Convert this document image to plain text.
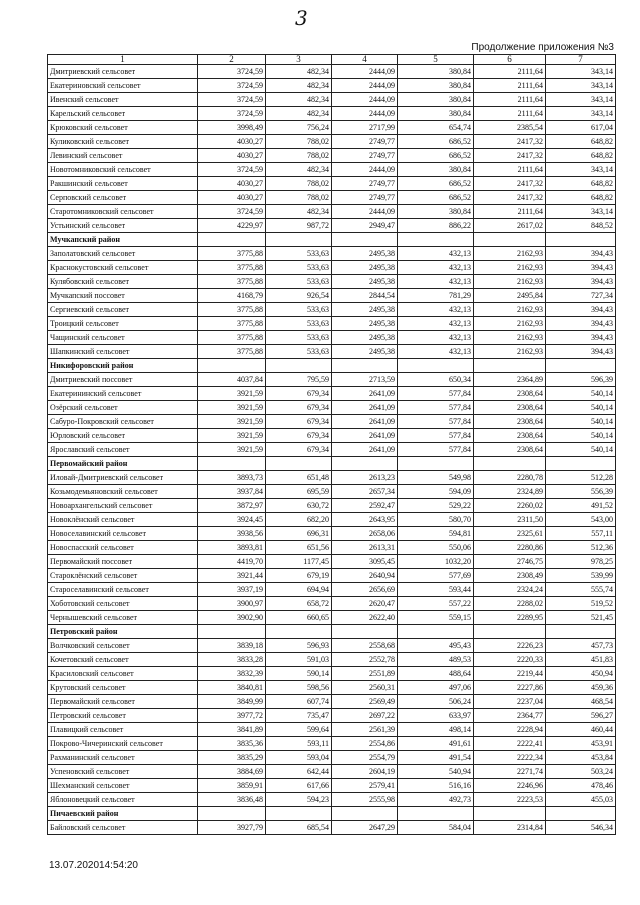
3
Продолжение приложения №3
1	2	3	4	5	6	7
Дмитриевский сельсовет	3724,59	482,34	2444,09	380,84	2111,64	343,14
Екатериновский сельсовет	3724,59	482,34	2444,09	380,84	2111,64	343,14
Ивенский сельсовет	3724,59	482,34	2444,09	380,84	2111,64	343,14
Карельский сельсовет	3724,59	482,34	2444,09	380,84	2111,64	343,14
Крюковский сельсовет	3998,49	756,24	2717,99	654,74	2385,54	617,04
Куликовский сельсовет	4030,27	788,02	2749,77	686,52	2417,32	648,82
Левинский сельсовет	4030,27	788,02	2749,77	686,52	2417,32	648,82
Новотомниковский сельсовет	3724,59	482,34	2444,09	380,84	2111,64	343,14
Ракшинский сельсовет	4030,27	788,02	2749,77	686,52	2417,32	648,82
Серповский сельсовет	4030,27	788,02	2749,77	686,52	2417,32	648,82
Старотомниковский сельсовет	3724,59	482,34	2444,09	380,84	2111,64	343,14
Устьинский сельсовет	4229,97	987,72	2949,47	886,22	2617,02	848,52
Мучкапский район						
Заполатовский сельсовет	3775,88	533,63	2495,38	432,13	2162,93	394,43
Краснокустовский сельсовет	3775,88	533,63	2495,38	432,13	2162,93	394,43
Кулябовский сельсовет	3775,88	533,63	2495,38	432,13	2162,93	394,43
Мучкапский поссовет	4168,79	926,54	2844,54	781,29	2495,84	727,34
Сергиевский сельсовет	3775,88	533,63	2495,38	432,13	2162,93	394,43
Троицкий сельсовет	3775,88	533,63	2495,38	432,13	2162,93	394,43
Чащинский сельсовет	3775,88	533,63	2495,38	432,13	2162,93	394,43
Шапкинский сельсовет	3775,88	533,63	2495,38	432,13	2162,93	394,43
Никифоровский район						
Дмитриевский поссовет	4037,84	795,59	2713,59	650,34	2364,89	596,39
Екатерининский сельсовет	3921,59	679,34	2641,09	577,84	2308,64	540,14
Озёрский сельсовет	3921,59	679,34	2641,09	577,84	2308,64	540,14
Сабуро-Покровский сельсовет	3921,59	679,34	2641,09	577,84	2308,64	540,14
Юрловский сельсовет	3921,59	679,34	2641,09	577,84	2308,64	540,14
Ярославский сельсовет	3921,59	679,34	2641,09	577,84	2308,64	540,14
Первомайский район						
Иловай-Дмитриевский сельсовет	3893,73	651,48	2613,23	549,98	2280,78	512,28
Козьмодемьяновский сельсовет	3937,84	695,59	2657,34	594,09	2324,89	556,39
Новоархангельский сельсовет	3872,97	630,72	2592,47	529,22	2260,02	491,52
Новоклёнский сельсовет	3924,45	682,20	2643,95	580,70	2311,50	543,00
Новоселавинский сельсовет	3938,56	696,31	2658,06	594,81	2325,61	557,11
Новоспасский сельсовет	3893,81	651,56	2613,31	550,06	2280,86	512,36
Первомайский поссовет	4419,70	1177,45	3095,45	1032,20	2746,75	978,25
Староклёнский сельсовет	3921,44	679,19	2640,94	577,69	2308,49	539,99
Староселавинский сельсовет	3937,19	694,94	2656,69	593,44	2324,24	555,74
Хоботовский сельсовет	3900,97	658,72	2620,47	557,22	2288,02	519,52
Чернышевский сельсовет	3902,90	660,65	2622,40	559,15	2289,95	521,45
Петровский район						
Волчковский сельсовет	3839,18	596,93	2558,68	495,43	2226,23	457,73
Кочетовский сельсовет	3833,28	591,03	2552,78	489,53	2220,33	451,83
Красиловский сельсовет	3832,39	590,14	2551,89	488,64	2219,44	450,94
Крутовский сельсовет	3840,81	598,56	2560,31	497,06	2227,86	459,36
Первомайский сельсовет	3849,99	607,74	2569,49	506,24	2237,04	468,54
Петровский сельсовет	3977,72	735,47	2697,22	633,97	2364,77	596,27
Плавицкий сельсовет	3841,89	599,64	2561,39	498,14	2228,94	460,44
Покрово-Чичеринский сельсовет	3835,36	593,11	2554,86	491,61	2222,41	453,91
Рахманинский сельсовет	3835,29	593,04	2554,79	491,54	2222,34	453,84
Успеновский сельсовет	3884,69	642,44	2604,19	540,94	2271,74	503,24
Шехманский сельсовет	3859,91	617,66	2579,41	516,16	2246,96	478,46
Яблоновецкий сельсовет	3836,48	594,23	2555,98	492,73	2223,53	455,03
Пичаевский район						
Байловский сельсовет	3927,79	685,54	2647,29	584,04	2314,84	546,34
13.07.202014:54:20
